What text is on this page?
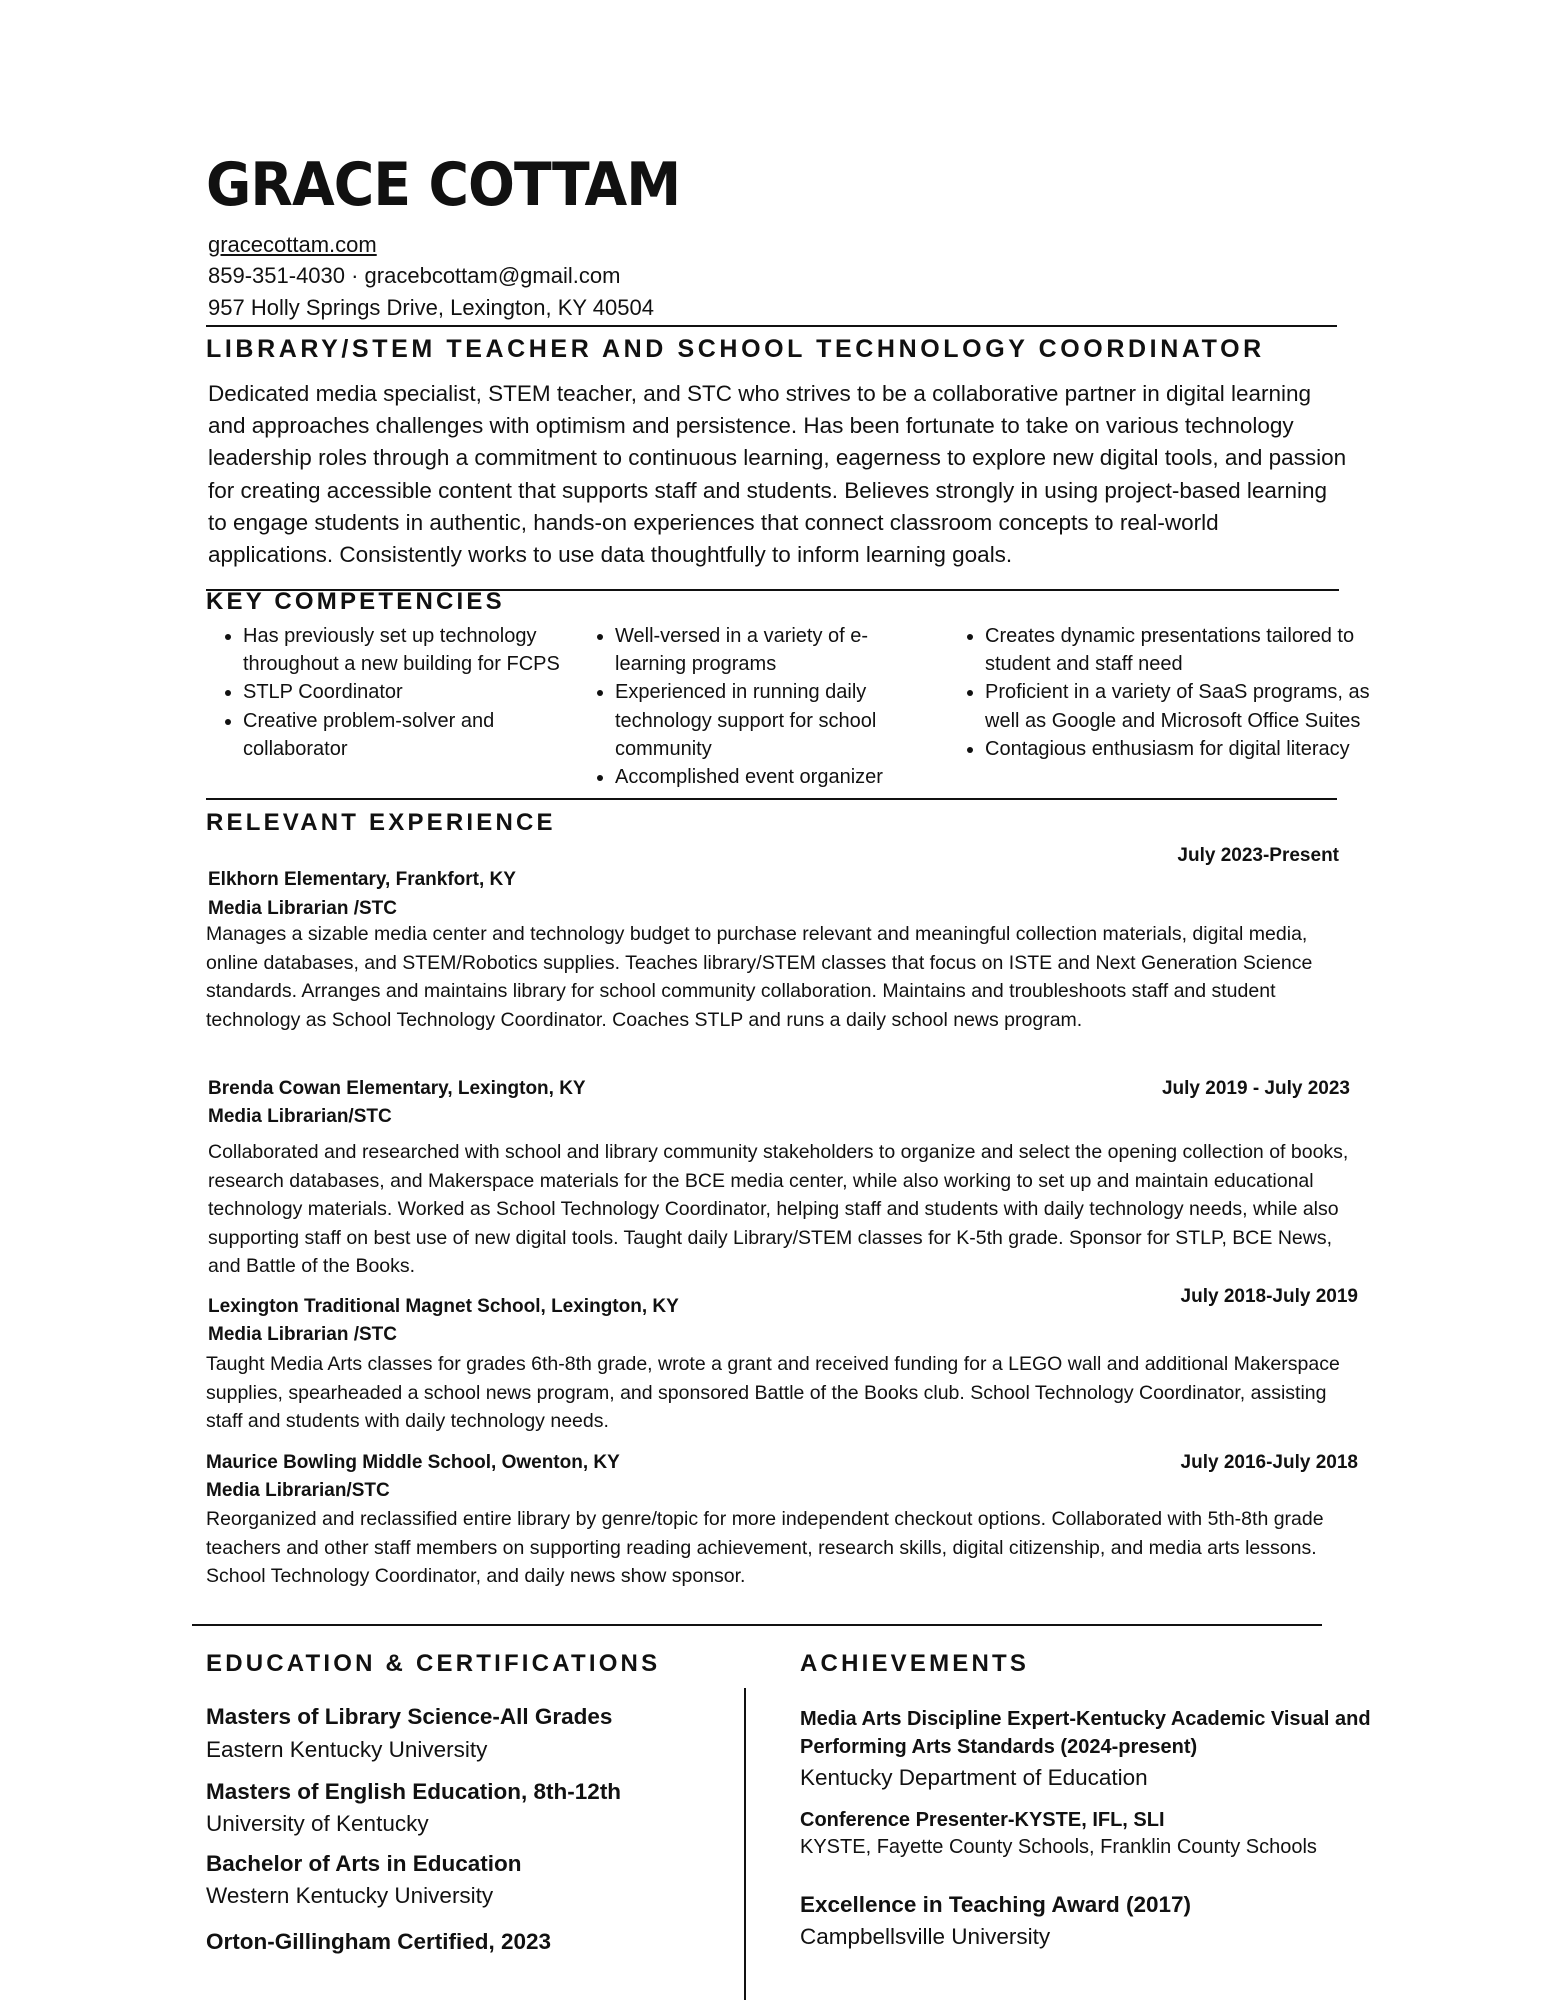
GRACE COTTAM
gracecottam.com
859-351-4030 · gracebcottam@gmail.com
957 Holly Springs Drive, Lexington, KY 40504
LIBRARY/STEM TEACHER AND SCHOOL TECHNOLOGY COORDINATOR
Dedicated media specialist, STEM teacher, and STC who strives to be a collaborative partner in digital learning and approaches challenges with optimism and persistence. Has been fortunate to take on various technology leadership roles through a commitment to continuous learning, eagerness to explore new digital tools, and passion for creating accessible content that supports staff and students. Believes strongly in using project-based learning to engage students in authentic, hands-on experiences that connect classroom concepts to real-world applications. Consistently works to use data thoughtfully to inform learning goals.
KEY COMPETENCIES
• Has previously set up technology throughout a new building for FCPS
• STLP Coordinator
• Creative problem-solver and collaborator
• Well-versed in a variety of e-learning programs
• Experienced in running daily technology support for school community
• Accomplished event organizer
• Creates dynamic presentations tailored to student and staff need
• Proficient in a variety of SaaS programs, as well as Google and Microsoft Office Suites
• Contagious enthusiasm for digital literacy
RELEVANT EXPERIENCE
July 2023-Present
Elkhorn Elementary, Frankfort, KY
Media Librarian /STC
Manages a sizable media center and technology budget to purchase relevant and meaningful collection materials, digital media, online databases, and STEM/Robotics supplies. Teaches library/STEM classes that focus on ISTE and Next Generation Science standards. Arranges and maintains library for school community collaboration. Maintains and troubleshoots staff and student technology as School Technology Coordinator. Coaches STLP and runs a daily school news program.
Brenda Cowan Elementary, Lexington, KY	July 2019 - July 2023
Media Librarian/STC
Collaborated and researched with school and library community stakeholders to organize and select the opening collection of books, research databases, and Makerspace materials for the BCE media center, while also working to set up and maintain educational technology materials. Worked as School Technology Coordinator, helping staff and students with daily technology needs, while also supporting staff on best use of new digital tools. Taught daily Library/STEM classes for K-5th grade. Sponsor for STLP, BCE News, and Battle of the Books.
July 2018-July 2019
Lexington Traditional Magnet School, Lexington, KY
Media Librarian /STC
Taught Media Arts classes for grades 6th-8th grade, wrote a grant and received funding for a LEGO wall and additional Makerspace supplies, spearheaded a school news program, and sponsored Battle of the Books club. School Technology Coordinator, assisting staff and students with daily technology needs.
Maurice Bowling Middle School, Owenton, KY	July 2016-July 2018
Media Librarian/STC
Reorganized and reclassified entire library by genre/topic for more independent checkout options. Collaborated with 5th-8th grade teachers and other staff members on supporting reading achievement, research skills, digital citizenship, and media arts lessons. School Technology Coordinator, and daily news show sponsor.
EDUCATION & CERTIFICATIONS
Masters of Library Science-All Grades
Eastern Kentucky University
Masters of English Education, 8th-12th
University of Kentucky
Bachelor of Arts in Education
Western Kentucky University
Orton-Gillingham Certified, 2023
ACHIEVEMENTS
Media Arts Discipline Expert-Kentucky Academic Visual and Performing Arts Standards (2024-present)
Kentucky Department of Education
Conference Presenter-KYSTE, IFL, SLI
KYSTE, Fayette County Schools, Franklin County Schools
Excellence in Teaching Award (2017)
Campbellsville University
